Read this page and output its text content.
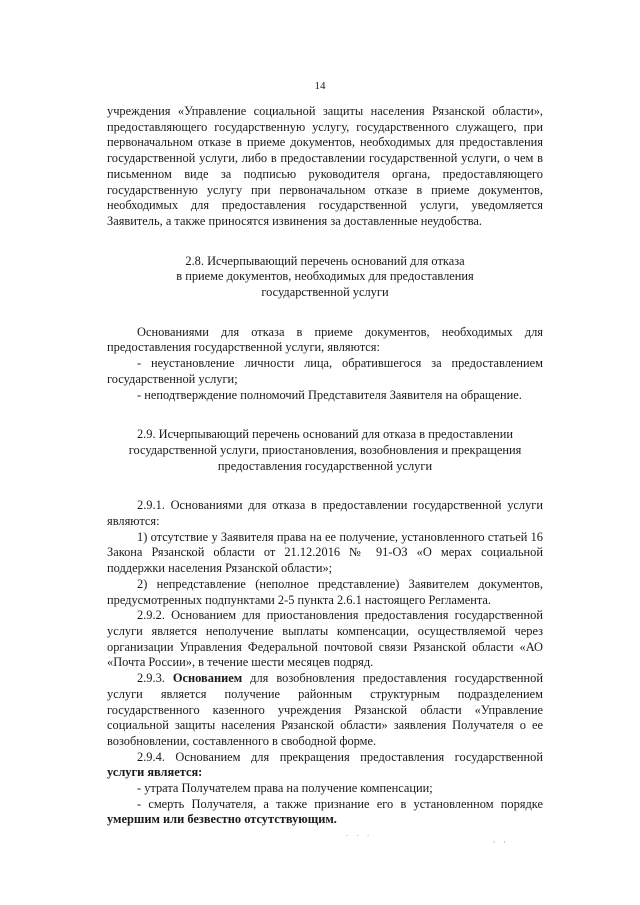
14

учреждения «Управление социальной защиты населения Рязанской области», предоставляющего государственную услугу, государственного служащего, при первоначальном отказе в приеме документов, необходимых для предоставления государственной услуги, либо в предоставлении государственной услуги, о чем в письменном виде за подписью руководителя органа, предоставляющего государственную услугу при первоначальном отказе в приеме документов, необходимых для предоставления государственной услуги, уведомляется Заявитель, а также приносятся извинения за доставленные неудобства.

2.8. Исчерпывающий перечень оснований для отказа

в приеме документов, необходимых для предоставления

государственной услуги

Основаниями для отказа в приеме документов, необходимых для предоставления государственной услуги, являются:

- неустановление личности лица, обратившегося за предоставлением государственной услуги;

- неподтверждение полномочий Представителя Заявителя на обращение.

2.9. Исчерпывающий перечень оснований для отказа в предоставлении

государственной услуги, приостановления, возобновления и прекращения

предоставления государственной услуги

2.9.1. Основаниями для отказа в предоставлении государственной услуги являются:

1) отсутствие у Заявителя права на ее получение, установленного статьей 16 Закона Рязанской области от 21.12.2016 № 91-ОЗ «О мерах социальной поддержки населения Рязанской области»;

2) непредставление (неполное представление) Заявителем документов, предусмотренных подпунктами 2-5 пункта 2.6.1 настоящего Регламента.

2.9.2. Основанием для приостановления предоставления государственной услуги является неполучение выплаты компенсации, осуществляемой через организации Управления Федеральной почтовой связи Рязанской области «АО «Почта России», в течение шести месяцев подряд.

2.9.3. Основанием для возобновления предоставления государственной услуги является получение районным структурным подразделением государственного казенного учреждения Рязанской области «Управление социальной защиты населения Рязанской области» заявления Получателя о ее возобновлении, составленного в свободной форме.

2.9.4. Основанием для прекращения предоставления государственной услуги является:

- утрата Получателем права на получение компенсации;

- смерть Получателя, а также признание его в установленном порядке умершим или безвестно отсутствующим.

. . .
, ,
